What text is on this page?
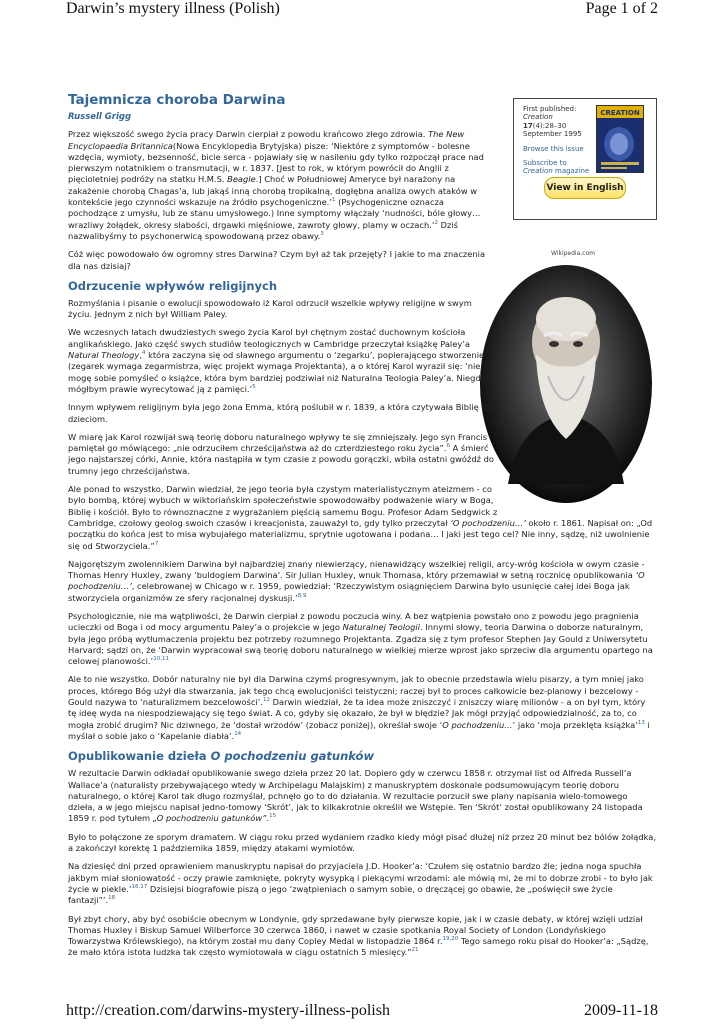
Darwin’s mystery illness (Polish)	Page 1 of 2
First published:
Creation
17(4):28–30
September 1995
Browse this issue
Subscribe to
Creation magazine
CREATION
View in English
Wikipedia.com
Tajemnicza choroba Darwina
Russell Grigg

Przez większość swego życia pracy Darwin cierpiał z powodu krańcowo złego zdrowia. The New Encyclopaedia Britannica(Nowa Encyklopedia Brytyjska) pisze: ‘Niektóre z symptomów - bolesne wzdęcia, wymioty, bezsenność, bicie serca - pojawiały się w nasileniu gdy tylko rozpoczął prace nad pierwszym notatnikiem o transmutacji, w r. 1837. [Jest to rok, w którym powrócił do Anglii z pięcioletniej podróży na statku H.M.S. Beagle.] Choć w Południowej Ameryce był narażony na zakażenie chorobą Chagas’a, lub jakąś inną chorobą tropikalną, dogłębna analiza owych ataków w kontekście jego czynności wskazuje na źródło psychogeniczne.’$^1$ (Psychogeniczne oznacza pochodzące z umysłu, lub ze stanu umysłowego.) Inne symptomy włączały ‘nudności, bóle głowy… wrazliwy żołądek, okresy słabości, drgawki mięśniowe, zawroty głowy, plamy w oczach.’$^2$ Dziś nazwalibyśmy to psychonerwicą spowodowaną przez obawy.$^3$

Cóż więc powodowało ów ogromny stres Darwina? Czym był aż tak przejęty? I jakie to ma znaczenia dla nas dzisiaj?

Odrzucenie wpływów religijnych

Rozmyślania i pisanie o ewolucji spowodowało iż Karol odrzucił wszelkie wpływy religijne w swym życiu. Jednym z nich był William Paley.

We wczesnych latach dwudziestych swego życia Karol był chętnym zostać duchownym kościoła anglikańskiego. Jako część swych studiów teologicznych w Cambridge przeczytał książkę Paley’a Natural Theology,$^4$ która zaczyna się od sławnego argumentu o ‘zegarku’, popierającego stworzenie (zegarek wymaga zegarmistrza, więc projekt wymaga Projektanta), a o której Karol wyraził się: ‘nie mogę sobie pomyśleć o książce, która bym bardziej podziwiał niż Naturalna Teologia Paley’a. Niegdyś mógłbym prawie wyrecytować ją z pamięci.’$^5$

Innym wpływem religijnym była jego żona Emma, którą poślubił w r. 1839, a która czytywała Biblię ich dzieciom.

W miarę jak Karol rozwijał swą teorię doboru naturalnego wpływy te się zmniejszały. Jego syn Francis pamiętał go mówiącego: „nie odrzuciłem chrześcijaństwa aż do czterdziestego roku życia”.$^6$ A śmierć jego najstarszej córki, Annie, która nastąpiła w tym czasie z powodu gorączki, wbiła ostatni gwóźdź do trumny jego chrześcijaństwa.

Ale ponad to wszystko, Darwin wiedział, że jego teoria była czystym materialistycznym ateizmem - co było bombą, której wybuch w wiktoriańskim społeczeństwie spowodowałby podważenie wiary w Boga, Biblię i kościół. Było to równoznaczne z wygrażaniem pięścią samemu Bogu. Profesor Adam Sedgwick z Cambridge, czołowy geolog swoich czasów i kreacjonista, zauważył to, gdy tylko przeczytał ‘O pochodzeniu…’ około r. 1861. Napisał on: „Od początku do końca jest to misa wybujałego materializmu, sprytnie ugotowana i podana… I jaki jest tego cel? Nie inny, sądzę, niż uwolnienie się od Stworzyciela.”$^7$

Najgorętszym zwolennikiem Darwina był najbardziej znany niewierzący, nienawidzący wszelkiej religii, arcy-wróg kościoła w owym czasie - Thomas Henry Huxley, zwany ‘buldogiem Darwina’. Sir Julian Huxley, wnuk Thomasa, który przemawiał w setną rocznicę opublikowania ‘O pochodzeniu…’, celebrowanej w Chicago w r. 1959, powiedział: ‘Rzeczywistym osiągnięciem Darwina było usunięcie całej idei Boga jak stworzyciela organizmów ze sfery racjonalnej dyskusji.’$^{8,9}$

Psychologicznie, nie ma wątpliwości, że Darwin cierpiał z powodu poczucia winy. A bez wątpienia powstało ono z powodu jego pragnienia ucieczki od Boga i od mocy argumentu Paley’a o projekcie w jego Naturalnej Teologii. Innymi słowy, teoria Darwina o doborze naturalnym, była jego próbą wytłumaczenia projektu bez potrzeby rozumnego Projektanta. Zgadza się z tym profesor Stephen Jay Gould z Uniwersytetu Harvard; sądzi on, że ‘Darwin wypracował swą teorię doboru naturalnego w wielkiej mierze wprost jako sprzeciw dla argumentu opartego na celowej planowości.’$^{10,11}$

Ale to nie wszystko. Dobór naturalny nie był dla Darwina czymś progresywnym, jak to obecnie przedstawia wielu pisarzy, a tym mniej jako proces, którego Bóg użył dla stwarzania, jak tego chcą ewolucjoniści teistyczni; raczej był to proces całkowicie bez-planowy i bezcelowy - Gould nazywa to ‘naturalizmem bezcelowości’.$^{12}$ Darwin wiedział, że ta idea może zniszczyć i zniszczy wiarę milionów - a on był tym, który tę ideę wyda na niespodziewający się tego świat. A co, gdyby się okazało, że był w błędzie? Jak mógł przyjąć odpowiedzialność, za to, co mogła zrobić drugim? Nic dziwnego, że ‘dostał wrzodów’ (zobacz poniżej), określał swoje ‘O pochodzeniu…’ jako ‘moja przeklęta książka’$^{13}$ i myślał o sobie jako o ‘Kapelanie diabła’.$^{14}$

Opublikowanie dzieła O pochodzeniu gatunków

W rezultacie Darwin odkładał opublikowanie swego dzieła przez 20 lat. Dopiero gdy w czerwcu 1858 r. otrzymał list od Alfreda Russell’a Wallace’a (naturalisty przebywającego wtedy w Archipelagu Malajskim) z manuskryptem doskonale podsumowującym teorię doboru naturalnego, o której Karol tak długo rozmyślał, pchnęło go to do działania. W rezultacie porzucił swe plany napisania wielo-tomowego dzieła, a w jego miejscu napisał jedno-tomowy ‘Skrót’, jak to kilkakrotnie określił we Wstępie. Ten ‘Skrót’ został opublikowany 24 listopada 1859 r. pod tytułem „O pochodzeniu gatunków”.$^{15}$

Było to połączone ze sporym dramatem. W ciągu roku przed wydaniem rzadko kiedy mógł pisać dłużej niż przez 20 minut bez bólów żołądka, a zakończył korektę 1 października 1859, między atakami wymiotów.

Na dziesięć dni przed oprawieniem manuskryptu napisał do przyjaciela J.D. Hooker’a: ‘Czułem się ostatnio bardzo źle; jedna noga spuchła jakbym miał słoniowatość - oczy prawie zamknięte, pokryty wysypką i piekącymi wrzodami: ale mówią mi, że mi to dobrze zrobi - to było jak życie w piekle.’$^{16,17}$ Dzisiejsi biografowie piszą o jego ‘zwątpieniach o samym sobie, o dręczącej go obawie, że „poświęcił swe życie fantazji”’.$^{18}$

Był zbyt chory, aby być osobiście obecnym w Londynie, gdy sprzedawane były pierwsze kopie, jak i w czasie debaty, w której wzięli udział Thomas Huxley i Biskup Samuel Wilberforce 30 czerwca 1860, i nawet w czasie spotkania Royal Society of London (Londyńskiego Towarzystwa Królewskiego), na którym został mu dany Copley Medal w listopadzie 1864 r.$^{19,20}$ Tego samego roku pisał do Hooker’a: „Sądzę, że mało która istota ludzka tak często wymiotowała w ciągu ostatnich 5 miesięcy.”$^{21}$

http://creation.com/darwins-mystery-illness-polish	2009-11-18
